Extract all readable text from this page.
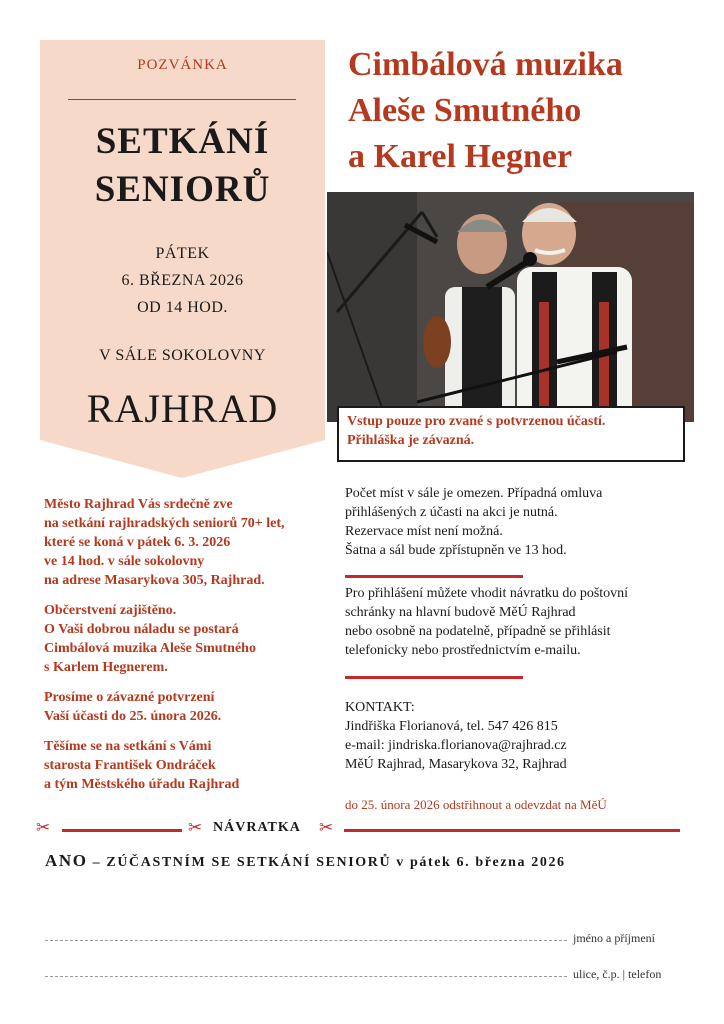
POZVÁNKA
SETKÁNÍ
SENIORŮ
PÁTEK
6. BŘEZNA 2026
OD 14 HOD.
V SÁLE SOKOLOVNY
RAJHRAD
Cimbálová muzika
Aleše Smutného
a Karel Hegner
Vstup pouze pro zvané s potvrzenou účastí.
Přihláška je závazná.

Město Rajhrad Vás srdečně zve
na setkání rajhradských seniorů 70+ let,
které se koná v pátek 6. 3. 2026
ve 14 hod. v sále sokolovny
na adrese Masarykova 305, Rajhrad.

Občerstvení zajištěno.
O Vaši dobrou náladu se postará
Cimbálová muzika Aleše Smutného
s Karlem Hegnerem.

Prosíme o závazné potvrzení
Vaší účasti do 25. února 2026.

Těšíme se na setkání s Vámi
starosta František Ondráček
a tým Městského úřadu Rajhrad

Počet míst v sále je omezen. Případná omluva
přihlášených z účasti na akci je nutná.
Rezervace míst není možná.
Šatna a sál bude zpřístupněn ve 13 hod.
Pro přihlášení můžete vhodit návratku do poštovní
schránky na hlavní budově MěÚ Rajhrad
nebo osobně na podatelně, případně se přihlásit
telefonicky nebo prostřednictvím e-mailu.
KONTAKT:
Jindřiška Florianová, tel. 547 426 815
e-mail: jindriska.florianova@rajhrad.cz
MěÚ Rajhrad, Masarykova 32, Rajhrad
do 25. února 2026 odstřihnout a odevzdat na MěÚ
✂	✂ NÁVRATKA ✂
ANO – ZÚČASTNÍM SE SETKÁNÍ SENIORŮ v pátek 6. března 2026
jméno a příjmení
ulice, č.p. | telefon
